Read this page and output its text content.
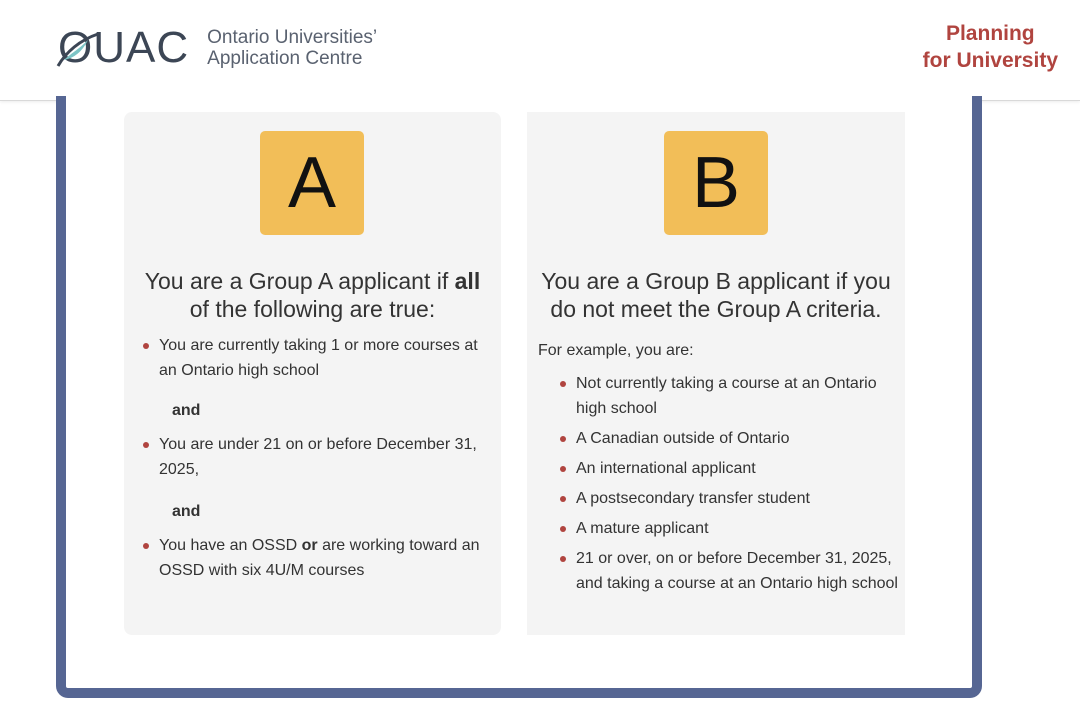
O
UAC Ontario Universities’
Application Centre
Planning
for University
A
You are a Group A applicant if all
of the following are true:
You are currently taking 1 or more courses at an Ontario high school
and
You are under 21 on or before December 31, 2025,
and
You have an OSSD or are working toward an OSSD with six 4U/M courses
B
You are a Group B applicant if you
do not meet the Group A criteria.
For example, you are:
Not currently taking a course at an Ontario high school
A Canadian outside of Ontario
An international applicant
A postsecondary transfer student
A mature applicant
21 or over, on or before December 31, 2025, and taking a course at an Ontario high school
